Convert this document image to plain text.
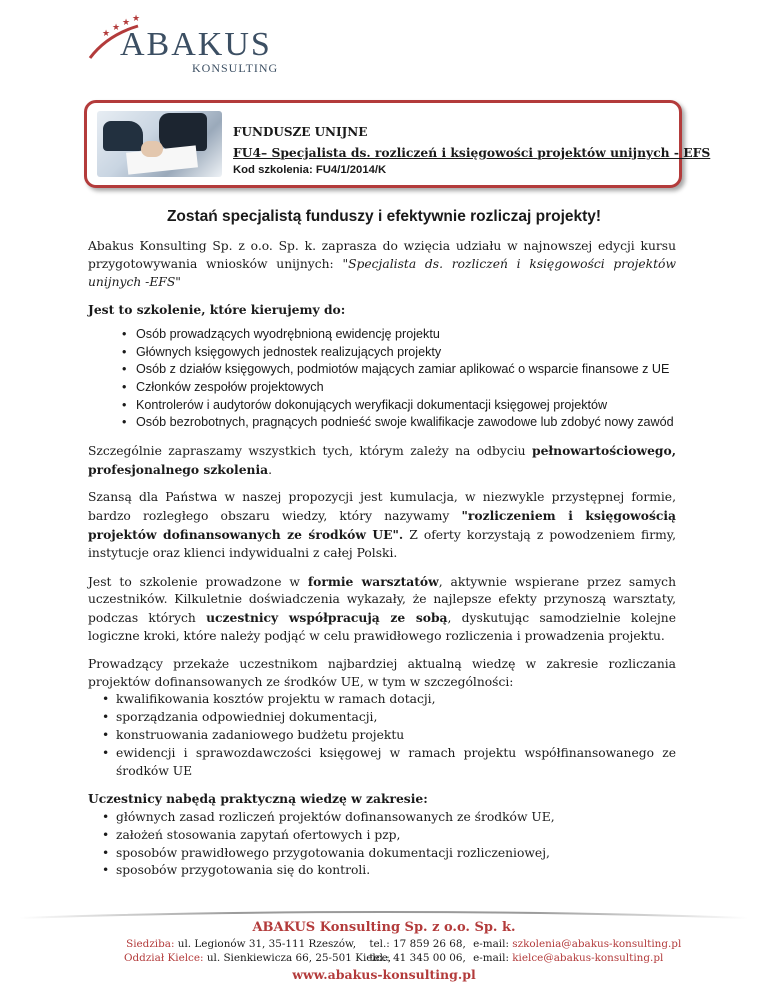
★
★ ★ ★
ABAKUS
KONSULTING
FUNDUSZE UNIJNE
FU4– Specjalista ds. rozliczeń i księgowości projektów unijnych - EFS
Kod szkolenia: FU4/1/2014/K
Zostań specjalistą funduszy i efektywnie rozliczaj projekty!

Abakus Konsulting Sp. z o.o. Sp. k. zaprasza do wzięcia udziału w najnowszej edycji kursu przygotowywania wniosków unijnych: "Specjalista ds. rozliczeń i księgowości projektów unijnych -EFS"

Jest to szkolenie, które kierujemy do:

• Osób prowadzących wyodrębnioną ewidencję projektu
• Głównych księgowych jednostek realizujących projekty
• Osób z działów księgowych, podmiotów mających zamiar aplikować o wsparcie finansowe z UE
• Członków zespołów projektowych
• Kontrolerów i audytorów dokonujących weryfikacji dokumentacji księgowej projektów
• Osób bezrobotnych, pragnących podnieść swoje kwalifikacje zawodowe lub zdobyć nowy zawód

Szczególnie zapraszamy wszystkich tych, którym zależy na odbyciu pełnowartościowego, profesjonalnego szkolenia.

Szansą dla Państwa w naszej propozycji jest kumulacja, w niezwykle przystępnej formie, bardzo rozległego obszaru wiedzy, który nazywamy "rozliczeniem i księgowością projektów dofinansowanych ze środków UE". Z oferty korzystają z powodzeniem firmy, instytucje oraz klienci indywidualni z całej Polski.

Jest to szkolenie prowadzone w formie warsztatów, aktywnie wspierane przez samych uczestników. Kilkuletnie doświadczenia wykazały, że najlepsze efekty przynoszą warsztaty, podczas których uczestnicy współpracują ze sobą, dyskutując samodzielnie kolejne logiczne kroki, które należy podjąć w celu prawidłowego rozliczenia i prowadzenia projektu.

Prowadzący przekaże uczestnikom najbardziej aktualną wiedzę w zakresie rozliczania projektów dofinansowanych ze środków UE, w tym w szczególności:

• kwalifikowania kosztów projektu w ramach dotacji,
• sporządzania odpowiedniej dokumentacji,
• konstruowania zadaniowego budżetu projektu
• ewidencji i sprawozdawczości księgowej w ramach projektu współfinansowanego ze środków UE

Uczestnicy nabędą praktyczną wiedzę w zakresie:

• głównych zasad rozliczeń projektów dofinansowanych ze środków UE,
• założeń stosowania zapytań ofertowych i pzp,
• sposobów prawidłowego przygotowania dokumentacji rozliczeniowej,
• sposobów przygotowania się do kontroli.
ABAKUS Konsulting Sp. z o.o. Sp. k.
Siedziba: ul. Legionów 31, 35-111 Rzeszów, tel.: 17 859 26 68, e-mail: szkolenia@abakus-konsulting.pl
Oddział Kielce: ul. Sienkiewicza 66, 25-501 Kielce, tel.: 41 345 00 06, e-mail: kielce@abakus-konsulting.pl
www.abakus-konsulting.pl
